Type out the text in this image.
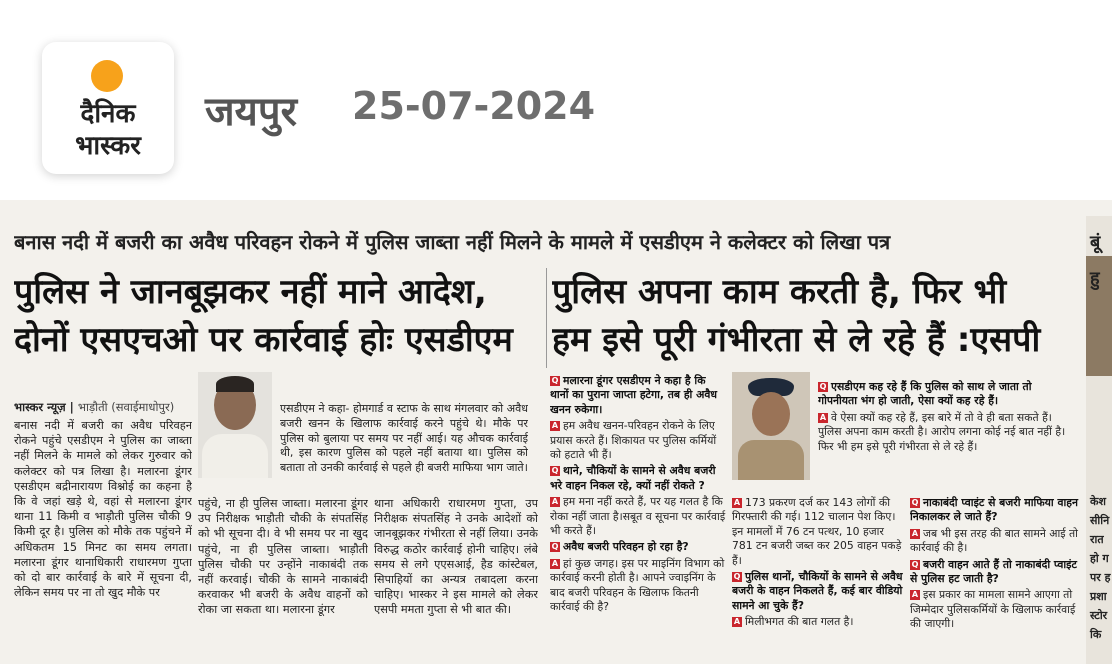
दैनिक
भास्कर
जयपुर 25-07-2024
बनास नदी में बजरी का अवैध परिवहन रोकने में पुलिस जाब्ता नहीं मिलने के मामले में एसडीएम ने कलेक्टर को लिखा पत्र
पुलिस ने जानबूझकर नहीं माने आदेश,
दोनों एसएचओ पर कार्रवाई होः एसडीएम
पुलिस अपना काम करती है, फिर भी
हम इसे पूरी गंभीरता से ले रहे हैं :एसपी
भास्कर न्यूज़ | भाड़ौती (सवाईमाधोपुर)
बनास नदी में बजरी का अवैध परिवहन रोकने पहुंचे एसडीएम ने पुलिस का जाब्ता नहीं मिलने के मामले को लेकर गुरुवार को कलेक्टर को पत्र लिखा है। मलारना डूंगर एसडीएम बद्रीनारायण विश्नोई का कहना है कि वे जहां खड़े थे, वहां से मलारना डूंगर थाना 11 किमी व भाड़ौती पुलिस चौकी 9 किमी दूर है। पुलिस को मौके तक पहुंचने में अधिकतम 15 मिनट का समय लगता। मलारना डूंगर थानाधिकारी राधारमण गुप्ता को दो बार कार्रवाई के बारे में सूचना दी, लेकिन समय पर ना तो खुद मौके पर
एसडीएम ने कहा- होमगार्ड व स्टाफ के साथ मंगलवार को अवैध बजरी खनन के खिलाफ कार्रवाई करने पहुंचे थे। मौके पर पुलिस को बुलाया पर समय पर नहीं आई। यह औचक कार्रवाई थी, इस कारण पुलिस को पहले नहीं बताया था। पुलिस को बताता तो उनकी कार्रवाई से पहले ही बजरी माफिया भाग जाते।
पहुंचे, ना ही पुलिस जाब्ता। मलारना डूंगर उप निरीक्षक भाड़ौती चौकी के संपतसिंह को भी सूचना दी। वे भी समय पर ना खुद पहुंचे, ना ही पुलिस जाब्ता। भाड़ौती पुलिस चौकी पर उन्होंने नाकाबंदी तक नहीं करवाई। चौकी के सामने नाकाबंदी करवाकर भी बजरी के अवैध वाहनों को रोका जा सकता था। मलारना डूंगर
थाना अधिकारी राधारमण गुप्ता, उप निरीक्षक संपतसिंह ने उनके आदेशों को जानबूझकर गंभीरता से नहीं लिया। उनके विरुद्ध कठोर कार्रवाई होनी चाहिए। लंबे समय से लगे एएसआई, हैड कांस्टेबल, सिपाहियों का अन्यत्र तबादला करना चाहिए। भास्कर ने इस मामले को लेकर एसपी ममता गुप्ता से भी बात की।
Q मलारना डूंगर एसडीएम ने कहा है कि थानों का पुराना जाप्ता हटेगा, तब ही अवैध खनन रुकेगा।
A हम अवैध खनन-परिवहन रोकने के लिए प्रयास करते हैं। शिकायत पर पुलिस कर्मियों को हटाते भी हैं।
Q थाने, चौकियों के सामने से अवैध बजरी भरे वाहन निकल रहे, क्यों नहीं रोकते ?
A हम मना नहीं करते हैं, पर यह गलत है कि रोका नहीं जाता है।सबूत व सूचना पर कार्रवाई भी करते हैं।
Q अवैध बजरी परिवहन हो रहा है?
A हां कुछ जगह। इस पर माइनिंग विभाग को कार्रवाई करनी होती है। आपने ज्वाइनिंग के बाद बजरी परिवहन के खिलाफ कितनी कार्रवाई की है?
Q एसडीएम कह रहे हैं कि पुलिस को साथ ले जाता तो गोपनीयता भंग हो जाती, ऐसा क्यों कह रहे हैं।
A वे ऐसा क्यों कह रहे हैं, इस बारे में तो वे ही बता सकते हैं। पुलिस अपना काम करती है। आरोप लगना कोई नई बात नहीं है। फिर भी हम इसे पूरी गंभीरता से ले रहे हैं।
A 173 प्रकरण दर्ज कर 143 लोगों की गिरफ्तारी की गई। 112 चालान पेश किए। इन मामलों में 76 टन पत्थर, 10 हजार 781 टन बजरी जब्त कर 205 वाहन पकड़े हैं।
Q पुलिस थानों, चौकियों के सामने से अवैध बजरी के वाहन निकलते हैं, कई बार वीडियो सामने आ चुके हैं?
A मिलीभगत की बात गलत है।
Q नाकाबंदी प्वाइंट से बजरी माफिया वाहन निकालकर ले जाते हैं?
A जब भी इस तरह की बात सामने आई तो कार्रवाई की है।
Q बजरी वाहन आते हैं तो नाकाबंदी प्वाइंट से पुलिस हट जाती है?
A इस प्रकार का मामला सामने आएगा तो जिम्मेदार पुलिसकर्मियों के खिलाफ कार्रवाई की जाएगी।
बूं
हु
केश
सीनि
रात
हो ग
पर ह
प्रशा
स्टोर
कि
